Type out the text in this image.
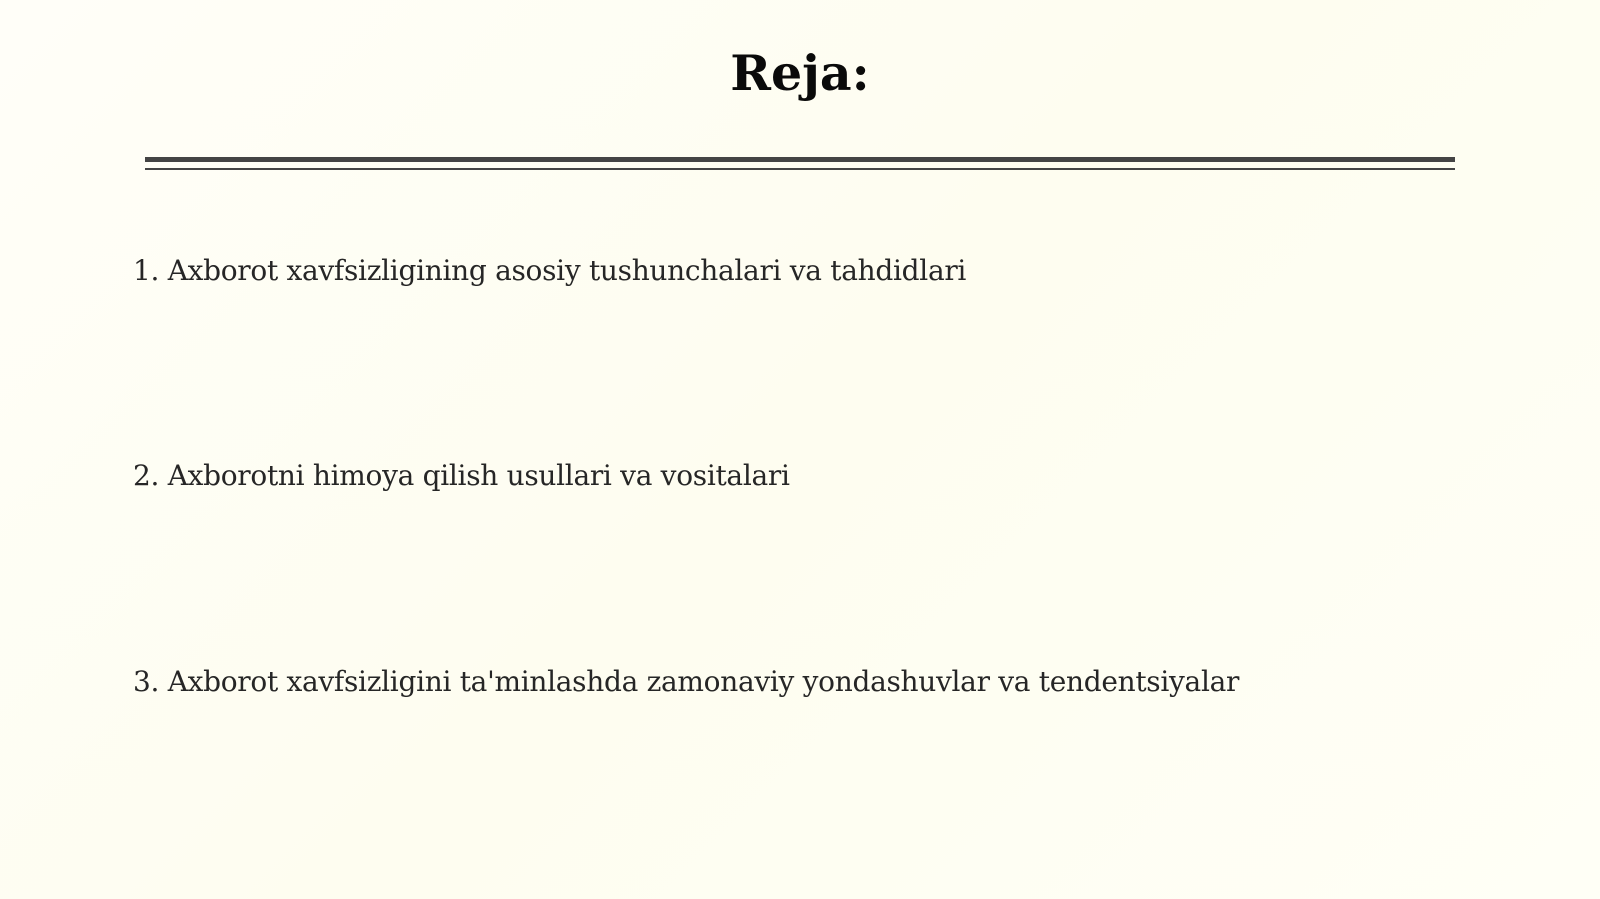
Reja:
1. Axborot xavfsizligining asosiy tushunchalari va tahdidlari
2. Axborotni himoya qilish usullari va vositalari
3. Axborot xavfsizligini ta'minlashda zamonaviy yondashuvlar va tendentsiyalar
